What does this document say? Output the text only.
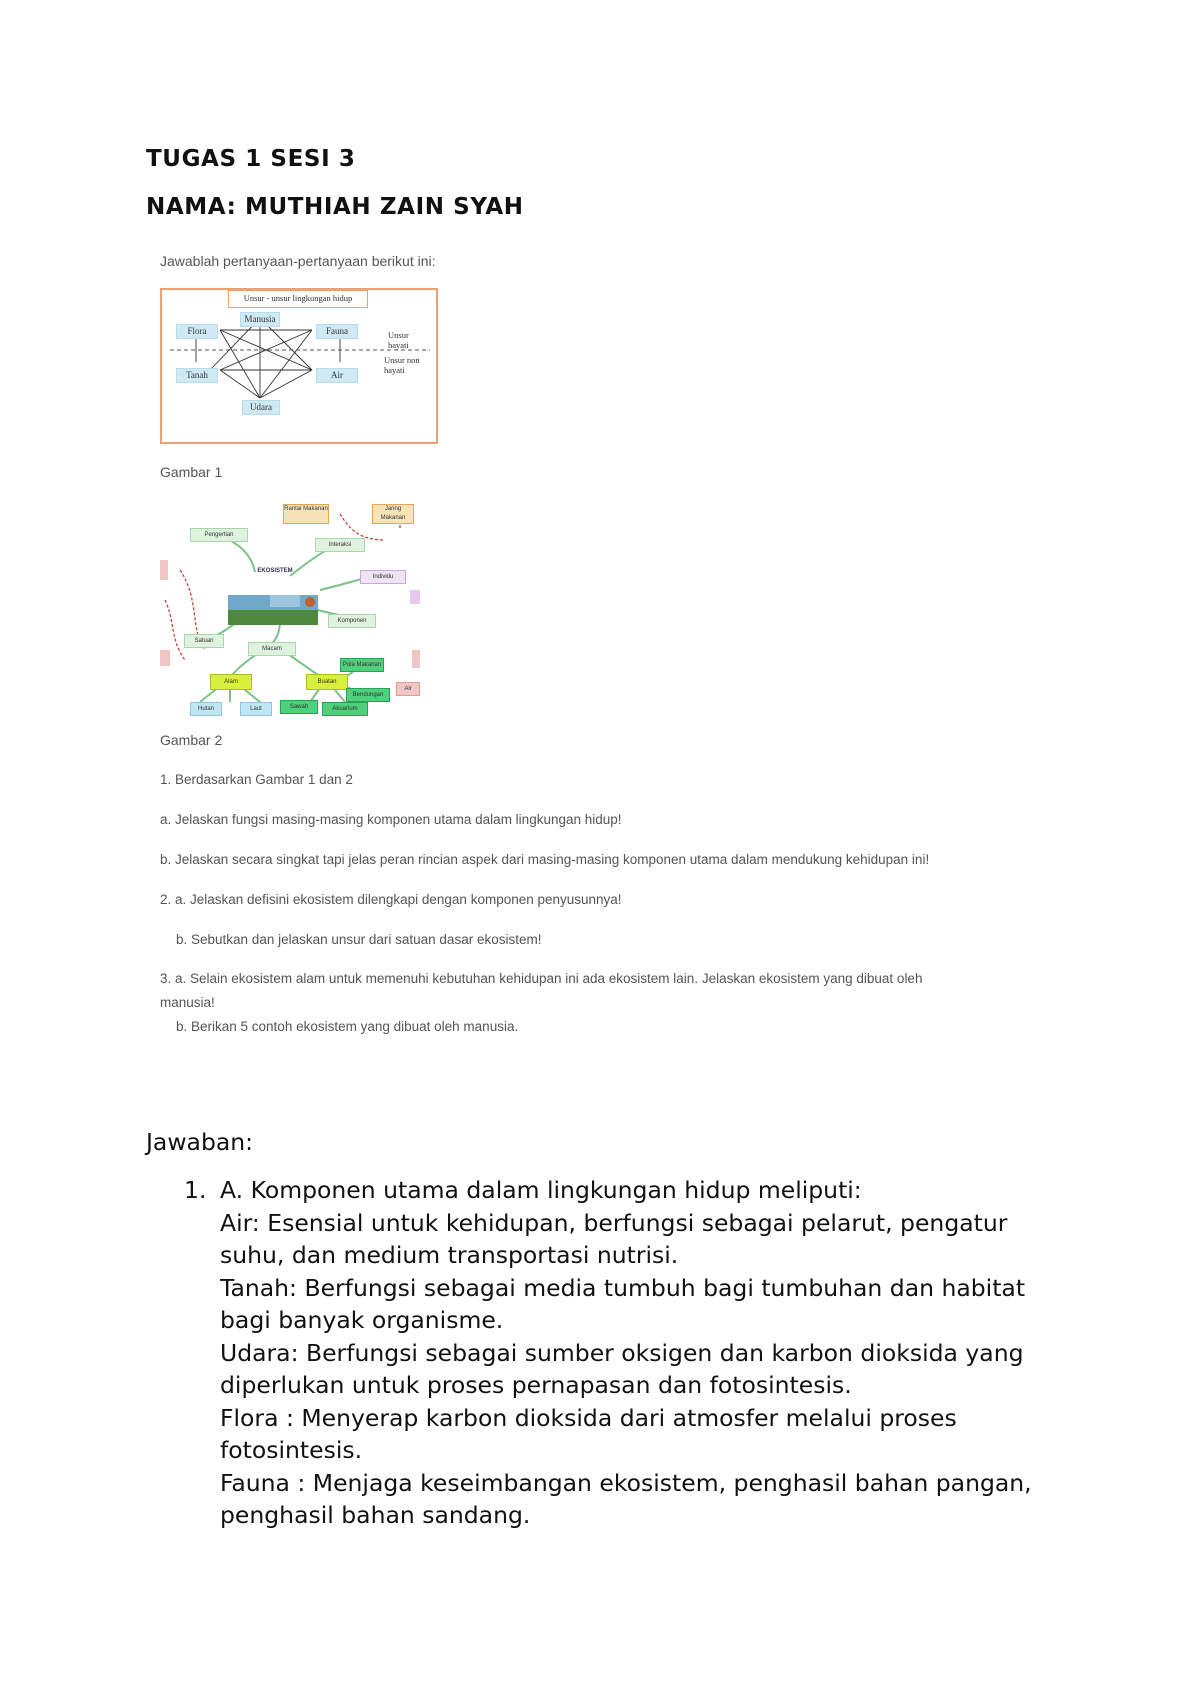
TUGAS 1 SESI 3
NAMA: MUTHIAH ZAIN SYAH
Jawablah pertanyaan-pertanyaan berikut ini:
Unsur - unsur lingkungan hidup
Manusia
Flora	Fauna
Tanah	Air
Udara
Unsur
hayati
Unsur non
hayati
Gambar 1
Pengertian
Interaksi
Rantai Makanan	Jaring Makanan
EKOSISTEM
Individu
Komponen
Satuan
Macam
Alam	Buatan
Pola Makanan
Bendungan
Sawah	Akuarium
Hutan	Laut
Air
Gambar 2
1. Berdasarkan Gambar 1 dan 2
a. Jelaskan fungsi masing-masing komponen utama dalam lingkungan hidup!
b. Jelaskan secara singkat tapi jelas peran rincian aspek dari masing-masing komponen utama dalam mendukung kehidupan ini!
2. a. Jelaskan defisini ekosistem dilengkapi dengan komponen penyusunnya!
b. Sebutkan dan jelaskan unsur dari satuan dasar ekosistem!
3. a. Selain ekosistem alam untuk memenuhi kebutuhan kehidupan ini ada ekosistem lain. Jelaskan ekosistem yang dibuat oleh
manusia!
b. Berikan 5 contoh ekosistem yang dibuat oleh manusia.
Jawaban:
1. A. Komponen utama dalam lingkungan hidup meliputi:
Air: Esensial untuk kehidupan, berfungsi sebagai pelarut, pengatur
suhu, dan medium transportasi nutrisi.
Tanah: Berfungsi sebagai media tumbuh bagi tumbuhan dan habitat
bagi banyak organisme.
Udara: Berfungsi sebagai sumber oksigen dan karbon dioksida yang
diperlukan untuk proses pernapasan dan fotosintesis.
Flora : Menyerap karbon dioksida dari atmosfer melalui proses
fotosintesis.
Fauna : Menjaga keseimbangan ekosistem, penghasil bahan pangan,
penghasil bahan sandang.
